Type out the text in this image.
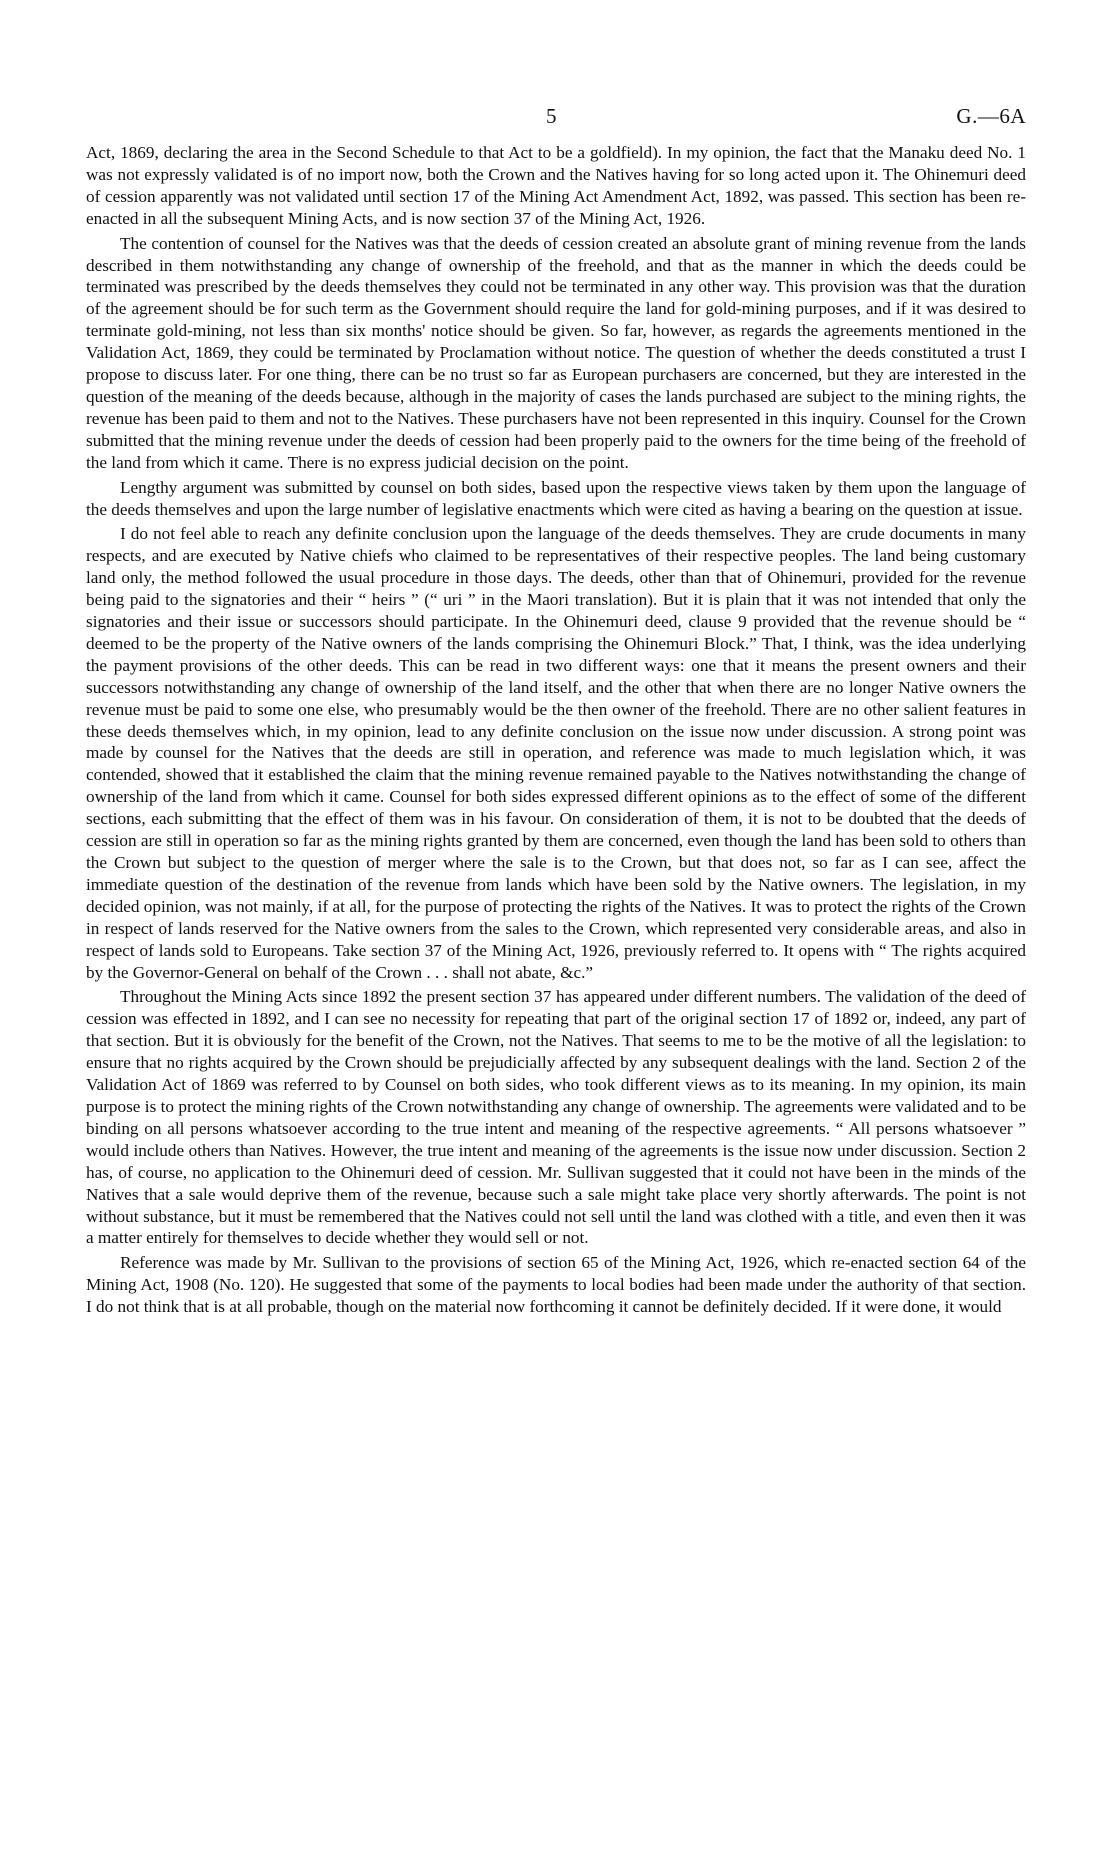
5	G.—6A

Act, 1869, declaring the area in the Second Schedule to that Act to be a goldfield). In my opinion, the fact that the Manaku deed No. 1 was not expressly validated is of no import now, both the Crown and the Natives having for so long acted upon it. The Ohinemuri deed of cession apparently was not validated until section 17 of the Mining Act Amendment Act, 1892, was passed. This section has been re-enacted in all the subsequent Mining Acts, and is now section 37 of the Mining Act, 1926.

The contention of counsel for the Natives was that the deeds of cession created an absolute grant of mining revenue from the lands described in them notwithstanding any change of ownership of the freehold, and that as the manner in which the deeds could be terminated was prescribed by the deeds themselves they could not be terminated in any other way. This provision was that the duration of the agreement should be for such term as the Government should require the land for gold-mining purposes, and if it was desired to terminate gold-mining, not less than six months' notice should be given. So far, however, as regards the agreements mentioned in the Validation Act, 1869, they could be terminated by Proclamation without notice. The question of whether the deeds constituted a trust I propose to discuss later. For one thing, there can be no trust so far as European purchasers are concerned, but they are interested in the question of the meaning of the deeds because, although in the majority of cases the lands purchased are subject to the mining rights, the revenue has been paid to them and not to the Natives. These purchasers have not been represented in this inquiry. Counsel for the Crown submitted that the mining revenue under the deeds of cession had been properly paid to the owners for the time being of the freehold of the land from which it came. There is no express judicial decision on the point.

Lengthy argument was submitted by counsel on both sides, based upon the respective views taken by them upon the language of the deeds themselves and upon the large number of legislative enactments which were cited as having a bearing on the question at issue.

I do not feel able to reach any definite conclusion upon the language of the deeds themselves. They are crude documents in many respects, and are executed by Native chiefs who claimed to be representatives of their respective peoples. The land being customary land only, the method followed the usual procedure in those days. The deeds, other than that of Ohinemuri, provided for the revenue being paid to the signatories and their “ heirs ” (“ uri ” in the Maori translation). But it is plain that it was not intended that only the signatories and their issue or successors should participate. In the Ohinemuri deed, clause 9 provided that the revenue should be “ deemed to be the property of the Native owners of the lands comprising the Ohinemuri Block.” That, I think, was the idea underlying the payment provisions of the other deeds. This can be read in two different ways: one that it means the present owners and their successors notwithstanding any change of ownership of the land itself, and the other that when there are no longer Native owners the revenue must be paid to some one else, who presumably would be the then owner of the freehold. There are no other salient features in these deeds themselves which, in my opinion, lead to any definite conclusion on the issue now under discussion. A strong point was made by counsel for the Natives that the deeds are still in operation, and reference was made to much legislation which, it was contended, showed that it established the claim that the mining revenue remained payable to the Natives notwithstanding the change of ownership of the land from which it came. Counsel for both sides expressed different opinions as to the effect of some of the different sections, each submitting that the effect of them was in his favour. On consideration of them, it is not to be doubted that the deeds of cession are still in operation so far as the mining rights granted by them are concerned, even though the land has been sold to others than the Crown but subject to the question of merger where the sale is to the Crown, but that does not, so far as I can see, affect the immediate question of the destination of the revenue from lands which have been sold by the Native owners. The legislation, in my decided opinion, was not mainly, if at all, for the purpose of protecting the rights of the Natives. It was to protect the rights of the Crown in respect of lands reserved for the Native owners from the sales to the Crown, which represented very considerable areas, and also in respect of lands sold to Europeans. Take section 37 of the Mining Act, 1926, previously referred to. It opens with “ The rights acquired by the Governor-General on behalf of the Crown . . . shall not abate, &c.”

Throughout the Mining Acts since 1892 the present section 37 has appeared under different numbers. The validation of the deed of cession was effected in 1892, and I can see no necessity for repeating that part of the original section 17 of 1892 or, indeed, any part of that section. But it is obviously for the benefit of the Crown, not the Natives. That seems to me to be the motive of all the legislation: to ensure that no rights acquired by the Crown should be prejudicially affected by any subsequent dealings with the land. Section 2 of the Validation Act of 1869 was referred to by Counsel on both sides, who took different views as to its meaning. In my opinion, its main purpose is to protect the mining rights of the Crown notwithstanding any change of ownership. The agreements were validated and to be binding on all persons whatsoever according to the true intent and meaning of the respective agreements. “ All persons whatsoever ” would include others than Natives. However, the true intent and meaning of the agreements is the issue now under discussion. Section 2 has, of course, no application to the Ohinemuri deed of cession. Mr. Sullivan suggested that it could not have been in the minds of the Natives that a sale would deprive them of the revenue, because such a sale might take place very shortly afterwards. The point is not without substance, but it must be remembered that the Natives could not sell until the land was clothed with a title, and even then it was a matter entirely for themselves to decide whether they would sell or not.

Reference was made by Mr. Sullivan to the provisions of section 65 of the Mining Act, 1926, which re-enacted section 64 of the Mining Act, 1908 (No. 120). He suggested that some of the payments to local bodies had been made under the authority of that section. I do not think that is at all probable, though on the material now forthcoming it cannot be definitely decided. If it were done, it would
